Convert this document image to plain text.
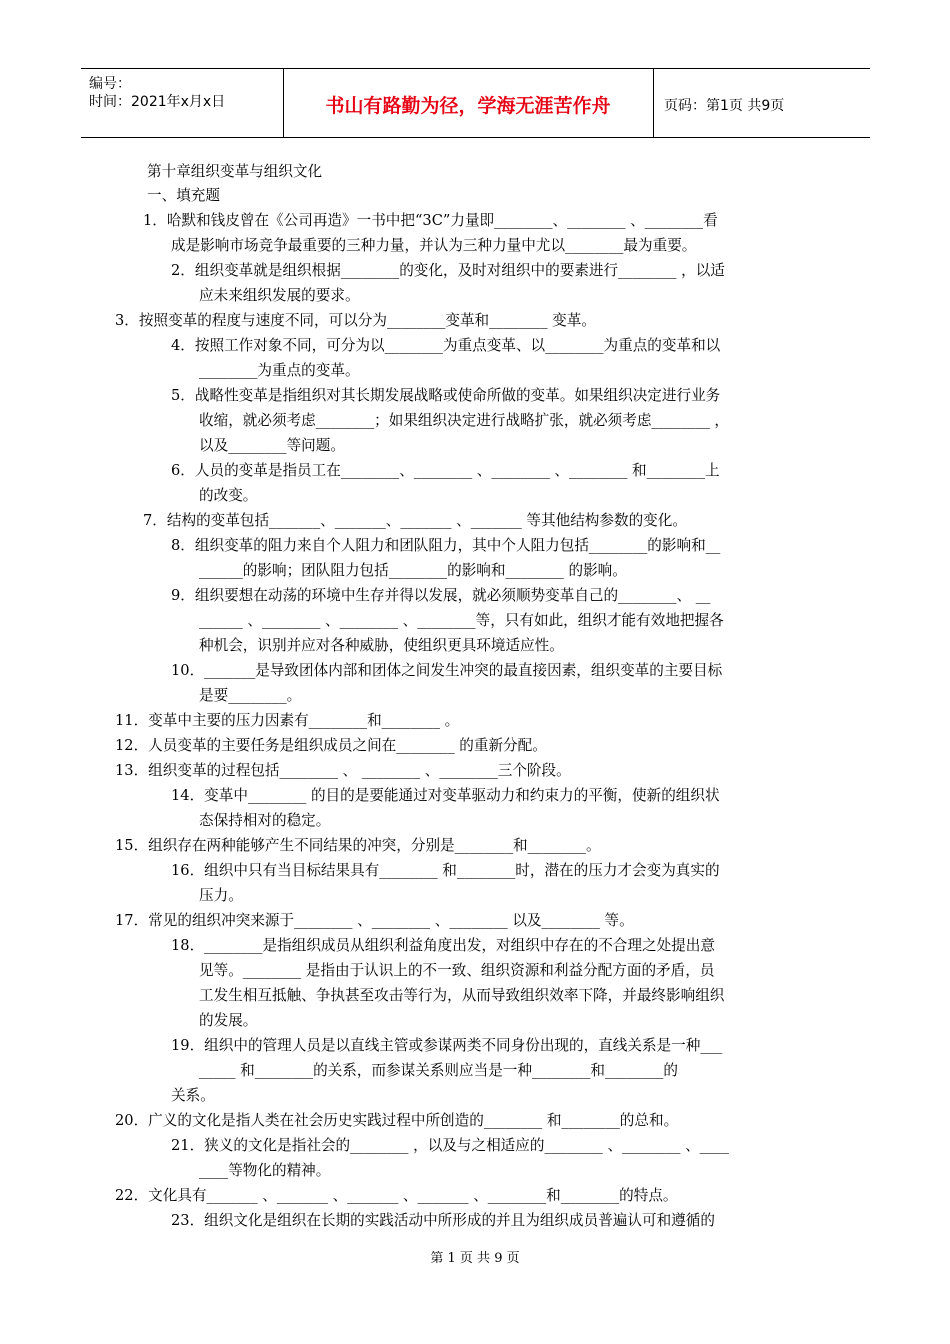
编号：
时间：2021年x月x日	书山有路勤为径，学海无涯苦作舟	页码：第1页 共9页
第十章组织变革与组织文化
一、填充题
1．哈默和钱皮曾在《公司再造》一书中把“3C”力量即________、________ 、________看
成是影响市场竞争最重要的三种力量，并认为三种力量中尤以________最为重要。
2．组织变革就是组织根据________的变化，及时对组织中的要素进行________ ，以适
应未来组织发展的要求。
3．按照变革的程度与速度不同，可以分为________变革和________ 变革。
4．按照工作对象不同，可分为以________为重点变革、以________为重点的变革和以
________为重点的变革。
5．战略性变革是指组织对其长期发展战略或使命所做的变革。如果组织决定进行业务
收缩，就必须考虑________；如果组织决定进行战略扩张，就必须考虑________ ，
以及________等问题。
6．人员的变革是指员工在________、________ 、________ 、________ 和________上
的改变。
7．结构的变革包括_______、_______、_______ 、_______ 等其他结构参数的变化。
8．组织变革的阻力来自个人阻力和团队阻力，其中个人阻力包括________的影响和__
______的影响；团队阻力包括________的影响和________ 的影响。
9．组织要想在动荡的环境中生存并得以发展，就必须顺势变革自己的________、 __
______ 、________ 、________ 、________等，只有如此，组织才能有效地把握各
种机会，识别并应对各种威胁，使组织更具环境适应性。
10．_______是导致团体内部和团体之间发生冲突的最直接因素，组织变革的主要目标
是要________。
11．变革中主要的压力因素有________和________ 。
12．人员变革的主要任务是组织成员之间在________ 的重新分配。
13．组织变革的过程包括________ 、 ________ 、________三个阶段。
14．变革中________ 的目的是要能通过对变革驱动力和约束力的平衡，使新的组织状
态保持相对的稳定。
15．组织存在两种能够产生不同结果的冲突，分别是________和________。
16．组织中只有当目标结果具有________ 和________时，潜在的压力才会变为真实的
压力。
17．常见的组织冲突来源于________ 、________ 、________ 以及________ 等。
18．________是指组织成员从组织利益角度出发，对组织中存在的不合理之处提出意
见等。________ 是指由于认识上的不一致、组织资源和利益分配方面的矛盾，员
工发生相互抵触、争执甚至攻击等行为，从而导致组织效率下降，并最终影响组织
的发展。
19．组织中的管理人员是以直线主管或参谋两类不同身份出现的，直线关系是一种___
_____ 和________的关系，而参谋关系则应当是一种________和________的
关系。
20．广义的文化是指人类在社会历史实践过程中所创造的________ 和________的总和。
21．狭义的文化是指社会的________ ，以及与之相适应的________ 、________ 、____
____等物化的精神。
22．文化具有_______ 、_______ 、_______ 、_______ 、________和________的特点。
23．组织文化是组织在长期的实践活动中所形成的并且为组织成员普遍认可和遵循的
第 1 页 共 9 页
